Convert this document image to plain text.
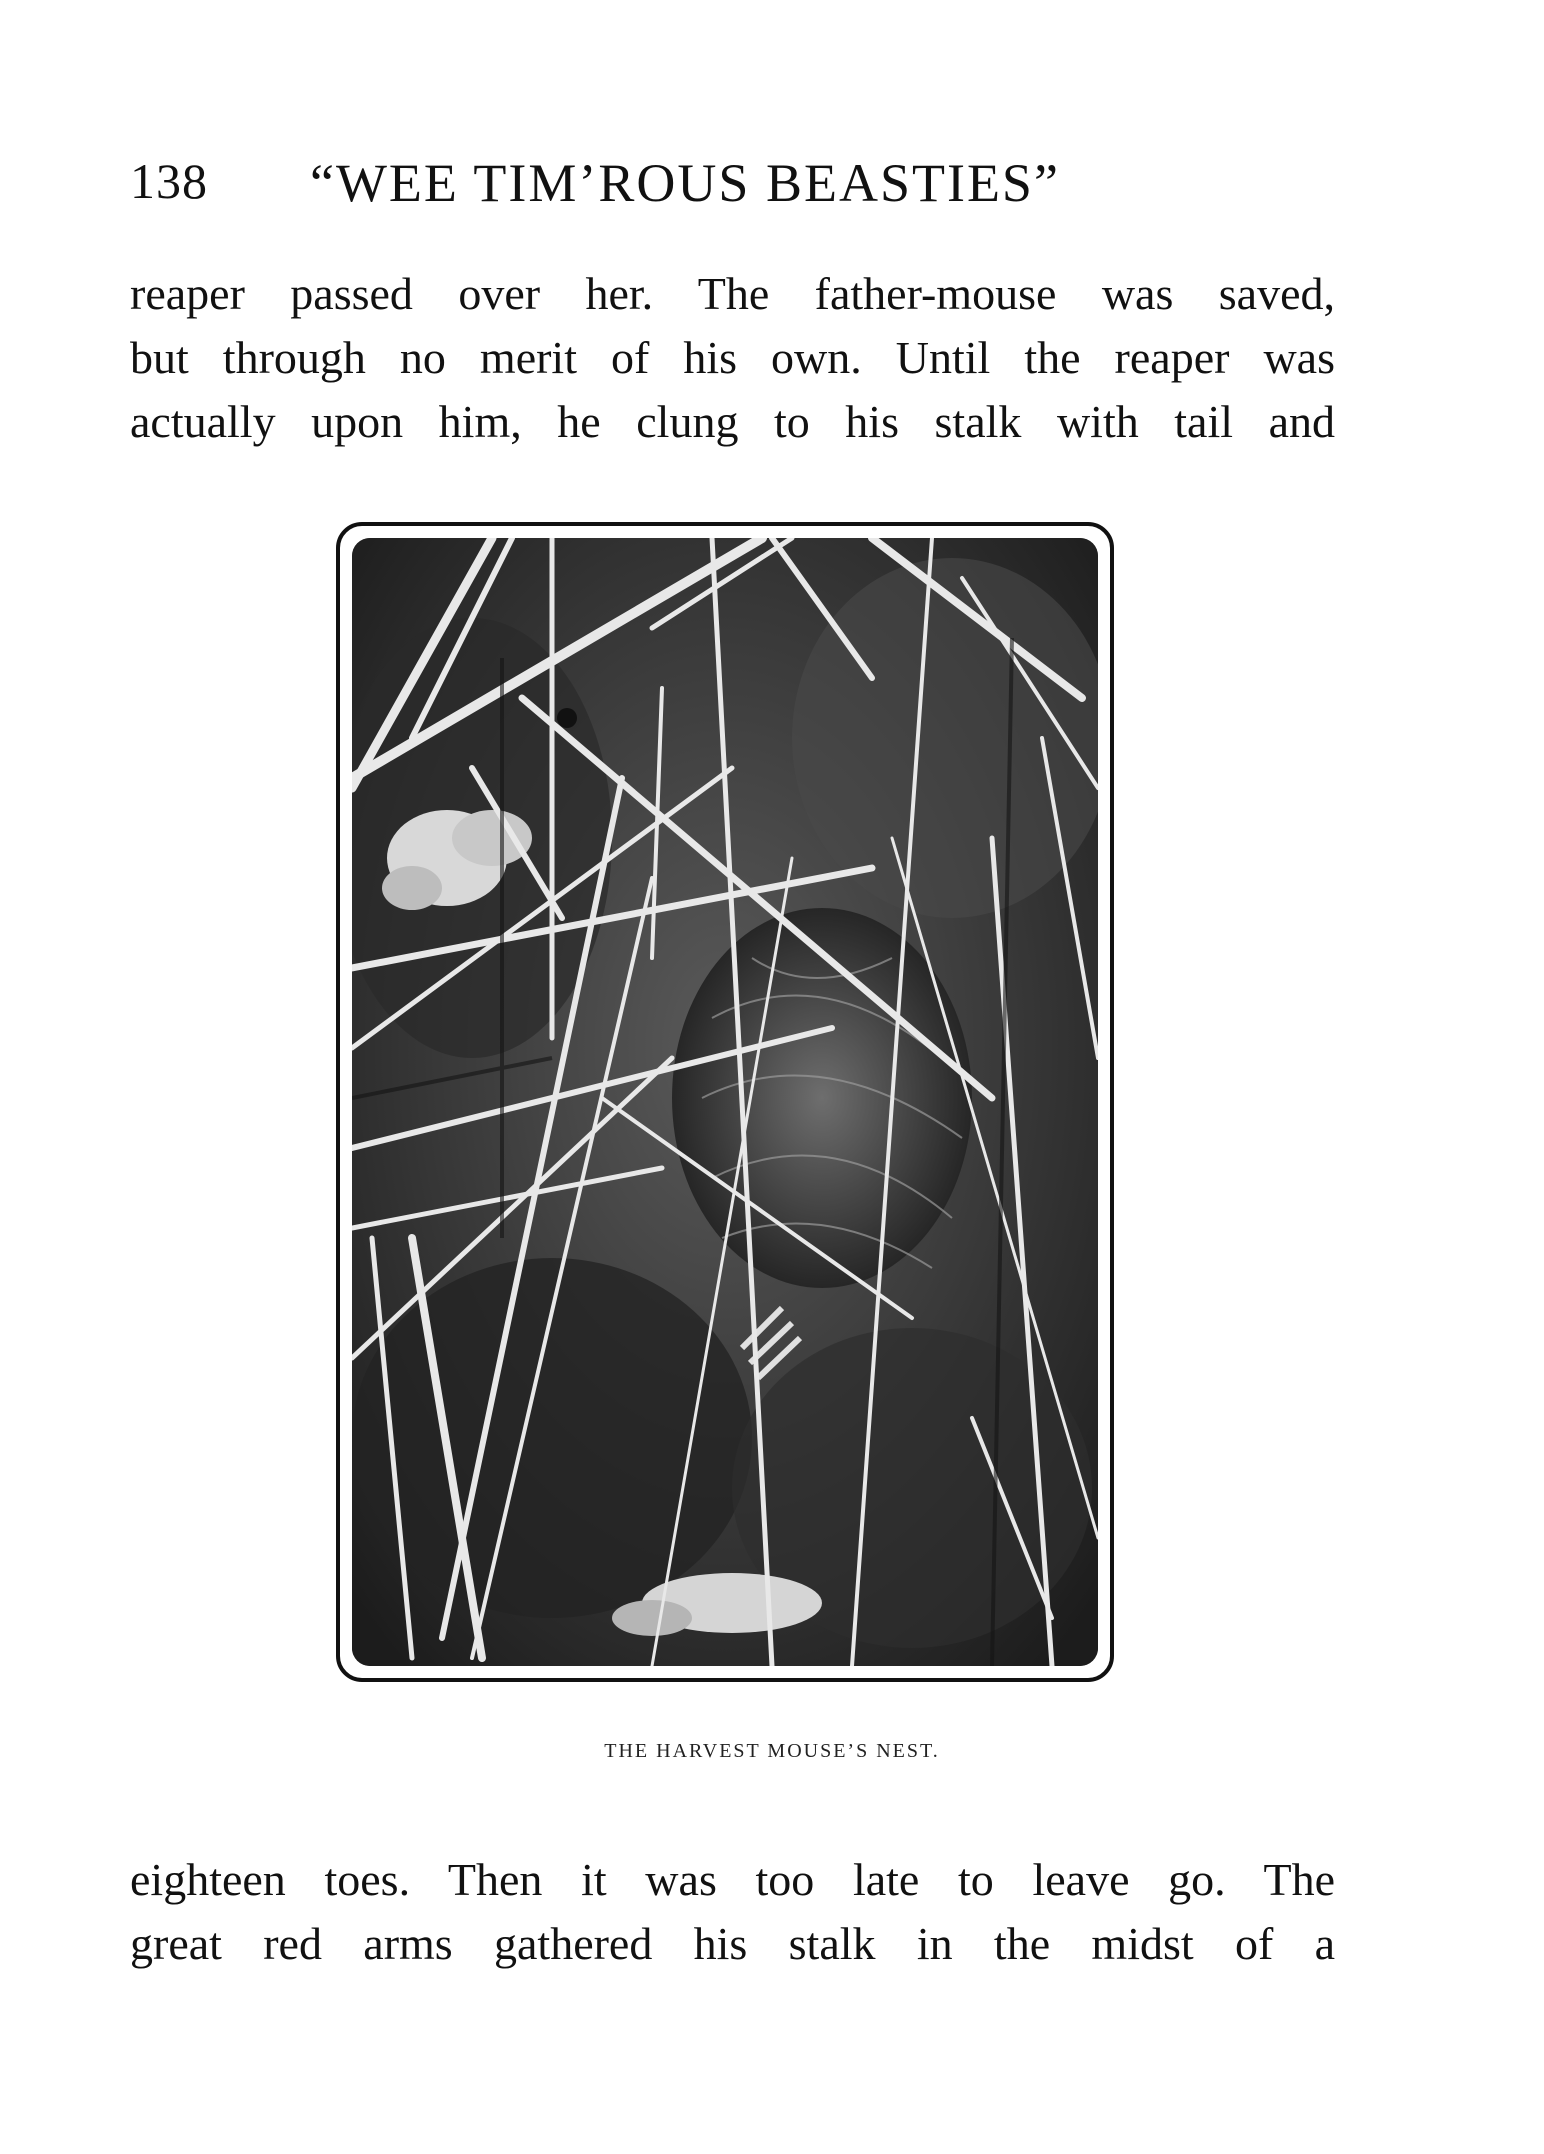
138 “WEE TIM’ROUS BEASTIES”
reaper passed over her. The father-mouse was saved,
but through no merit of his own. Until the reaper was
actually upon him, he clung to his stalk with tail and
THE HARVEST MOUSE’S NEST.
eighteen toes. Then it was too late to leave go. The
great red arms gathered his stalk in the midst of a
